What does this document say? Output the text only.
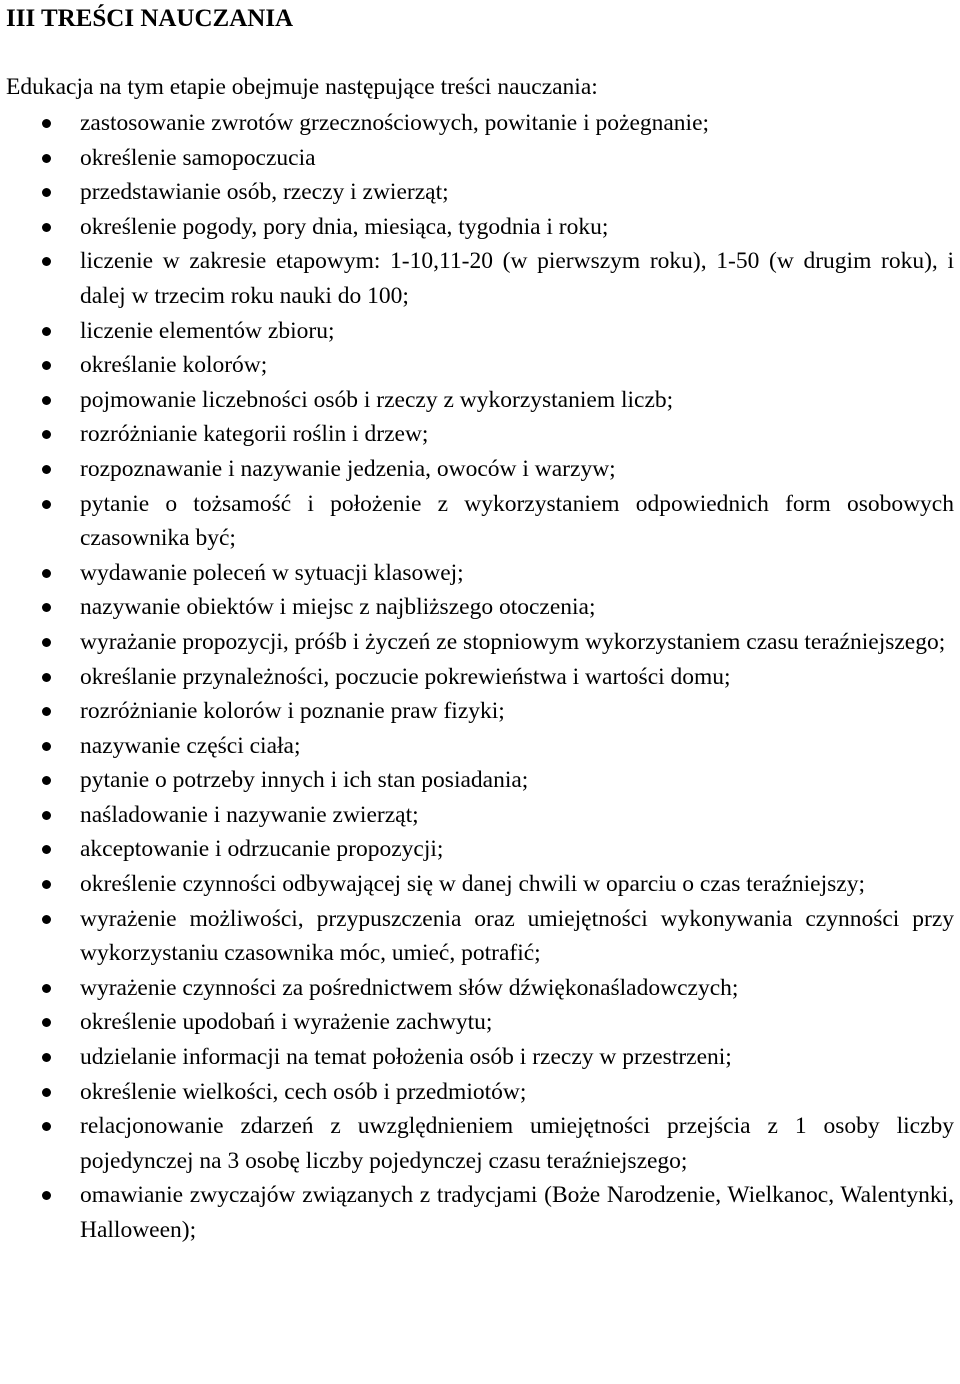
III TREŚCI NAUCZANIA

Edukacja na tym etapie obejmuje następujące treści nauczania:

zastosowanie zwrotów grzecznościowych, powitanie i pożegnanie;
określenie samopoczucia
przedstawianie osób, rzeczy i zwierząt;
określenie pogody, pory dnia, miesiąca, tygodnia i roku;
liczenie w zakresie etapowym: 1-10,11-20 (w pierwszym roku), 1-50 (w drugim roku), i dalej w trzecim roku nauki do 100;
liczenie elementów zbioru;
określanie kolorów;
pojmowanie liczebności osób i rzeczy z wykorzystaniem liczb;
rozróżnianie kategorii roślin i drzew;
rozpoznawanie i nazywanie jedzenia, owoców i warzyw;
pytanie o tożsamość i położenie z wykorzystaniem odpowiednich form osobowych czasownika być;
wydawanie poleceń w sytuacji klasowej;
nazywanie obiektów i miejsc z najbliższego otoczenia;
wyrażanie propozycji, próśb i życzeń ze stopniowym wykorzystaniem czasu teraźniejszego;
określanie przynależności, poczucie pokrewieństwa i wartości domu;
rozróżnianie kolorów i poznanie praw fizyki;
nazywanie części ciała;
pytanie o potrzeby innych i ich stan posiadania;
naśladowanie i nazywanie zwierząt;
akceptowanie i odrzucanie propozycji;
określenie czynności odbywającej się w danej chwili w oparciu o czas teraźniejszy;
wyrażenie możliwości, przypuszczenia oraz umiejętności wykonywania czynności przy wykorzystaniu czasownika móc, umieć, potrafić;
wyrażenie czynności za pośrednictwem słów dźwiękonaśladowczych;
określenie upodobań i wyrażenie zachwytu;
udzielanie informacji na temat położenia osób i rzeczy w przestrzeni;
określenie wielkości, cech osób i przedmiotów;
relacjonowanie zdarzeń z uwzględnieniem umiejętności przejścia z 1 osoby liczby pojedynczej na 3 osobę liczby pojedynczej czasu teraźniejszego;
omawianie zwyczajów związanych z tradycjami (Boże Narodzenie, Wielkanoc, Walentynki, Halloween);
